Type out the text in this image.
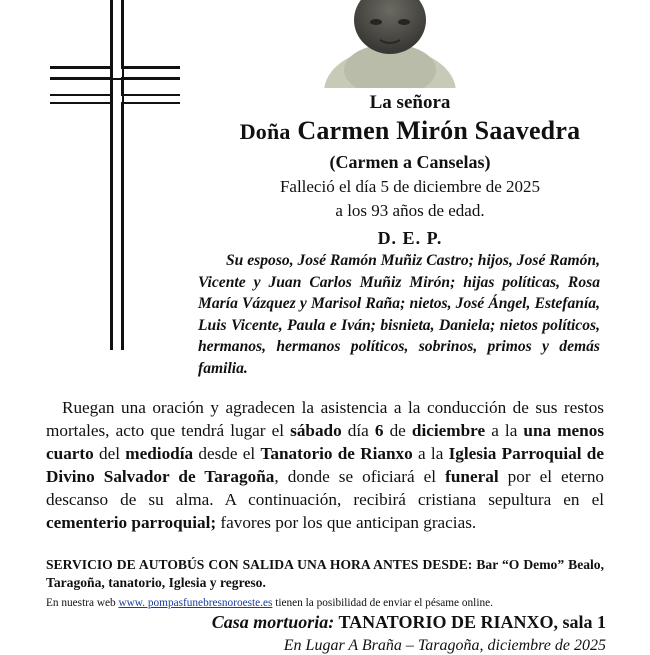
La señora
Doña Carmen Mirón Saavedra
(Carmen a Canselas)
Falleció el día 5 de diciembre de 2025
a los 93 años de edad.
D. E. P.

Su esposo, José Ramón Muñiz Castro; hijos, José Ramón, Vicente y Juan Carlos Muñiz Mirón; hijas políticas, Rosa María Vázquez y Marisol Raña; nietos, José Ángel, Estefanía, Luis Vicente, Paula e Iván; bisnieta, Daniela; nietos políticos, hermanos, hermanos políticos, sobrinos, primos y demás familia.

Ruegan una oración y agradecen la asistencia a la conducción de sus restos mortales, acto que tendrá lugar el sábado día 6 de diciembre a la una menos cuarto del mediodía desde el Tanatorio de Rianxo a la Iglesia Parroquial de Divino Salvador de Taragoña, donde se oficiará el funeral por el eterno descanso de su alma. A continuación, recibirá cristiana sepultura en el cementerio parroquial; favores por los que anticipan gracias.

SERVICIO DE AUTOBÚS CON SALIDA UNA HORA ANTES DESDE: Bar “O Demo” Bealo, Taragoña, tanatorio, Iglesia y regreso.

En nuestra web www. pompasfunebresnoroeste.es tienen la posibilidad de enviar el pésame online.
Casa mortuoria: TANATORIO DE RIANXO, sala 1
En Lugar A Braña – Taragoña, diciembre de 2025
